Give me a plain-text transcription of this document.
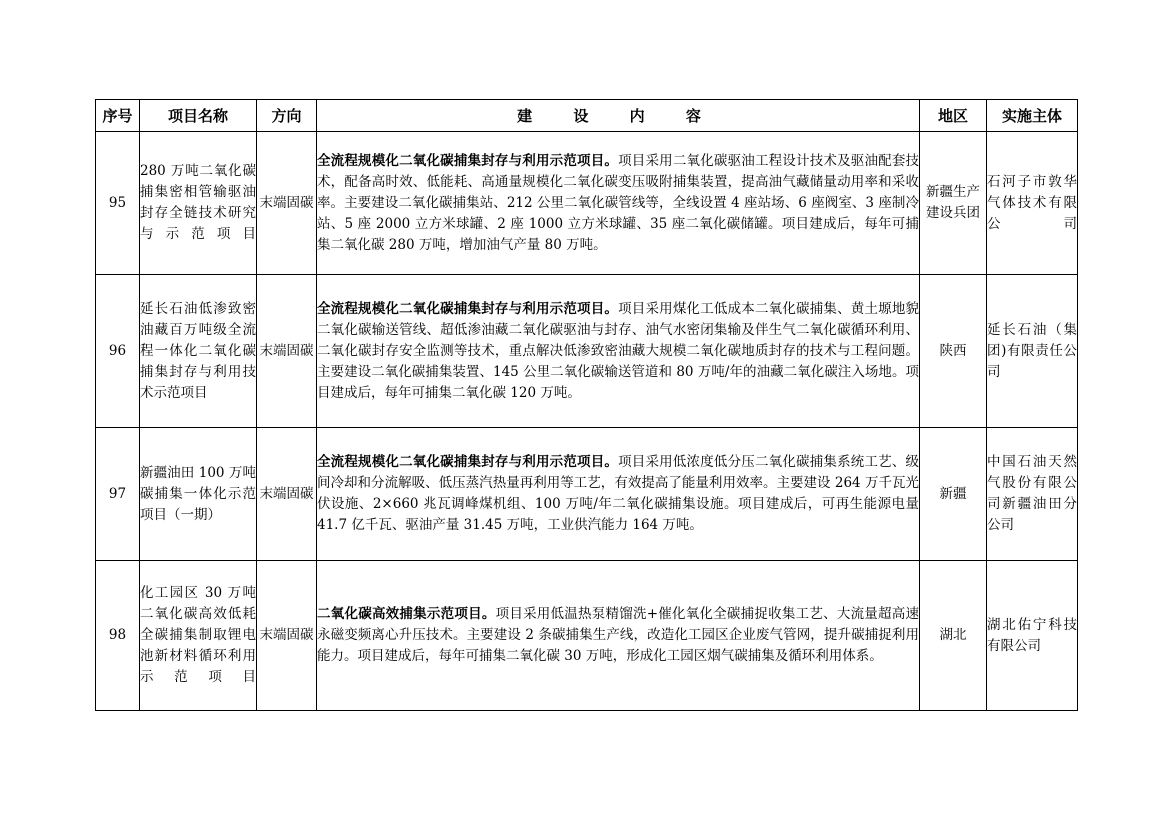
序号	项目名称	方向	建 设 内 容	地区	实施主体
95	280 万吨二氧化碳捕集密相管输驱油封存全链技术研究与示范项目	末端固碳	全流程规模化二氧化碳捕集封存与利用示范项目。项目采用二氧化碳驱油工程设计技术及驱油配套技术，配备高时效、低能耗、高通量规模化二氧化碳变压吸附捕集装置，提高油气藏储量动用率和采收率。主要建设二氧化碳捕集站、212 公里二氧化碳管线等，全线设置 4 座站场、6 座阀室、3 座制冷站、5 座 2000 立方米球罐、2 座 1000 立方米球罐、35 座二氧化碳储罐。项目建成后，每年可捕集二氧化碳 280 万吨，增加油气产量 80 万吨。	新疆生产建设兵团	石河子市敦华气体技术有限公司
96	延长石油低渗致密油藏百万吨级全流程一体化二氧化碳捕集封存与利用技术示范项目	末端固碳	全流程规模化二氧化碳捕集封存与利用示范项目。项目采用煤化工低成本二氧化碳捕集、黄土塬地貌二氧化碳输送管线、超低渗油藏二氧化碳驱油与封存、油气水密闭集输及伴生气二氧化碳循环利用、二氧化碳封存安全监测等技术，重点解决低渗致密油藏大规模二氧化碳地质封存的技术与工程问题。主要建设二氧化碳捕集装置、145 公里二氧化碳输送管道和 80 万吨/年的油藏二氧化碳注入场地。项目建成后，每年可捕集二氧化碳 120 万吨。	陕西	延长石油（集团)有限责任公司
97	新疆油田 100 万吨碳捕集一体化示范项目（一期）	末端固碳	全流程规模化二氧化碳捕集封存与利用示范项目。项目采用低浓度低分压二氧化碳捕集系统工艺、级间冷却和分流解吸、低压蒸汽热量再利用等工艺，有效提高了能量利用效率。主要建设 264 万千瓦光伏设施、2×660 兆瓦调峰煤机组、100 万吨/年二氧化碳捕集设施。项目建成后，可再生能源电量 41.7 亿千瓦、驱油产量 31.45 万吨，工业供汽能力 164 万吨。	新疆	中国石油天然气股份有限公司新疆油田分公司
98	化工园区 30 万吨二氧化碳高效低耗全碳捕集制取锂电池新材料循环利用示范项目	末端固碳	二氧化碳高效捕集示范项目。项目采用低温热泵精馏洗+催化氧化全碳捕捉收集工艺、大流量超高速永磁变频离心升压技术。主要建设 2 条碳捕集生产线，改造化工园区企业废气管网，提升碳捕捉利用能力。项目建成后，每年可捕集二氧化碳 30 万吨，形成化工园区烟气碳捕集及循环利用体系。	湖北	湖北佑宁科技有限公司
